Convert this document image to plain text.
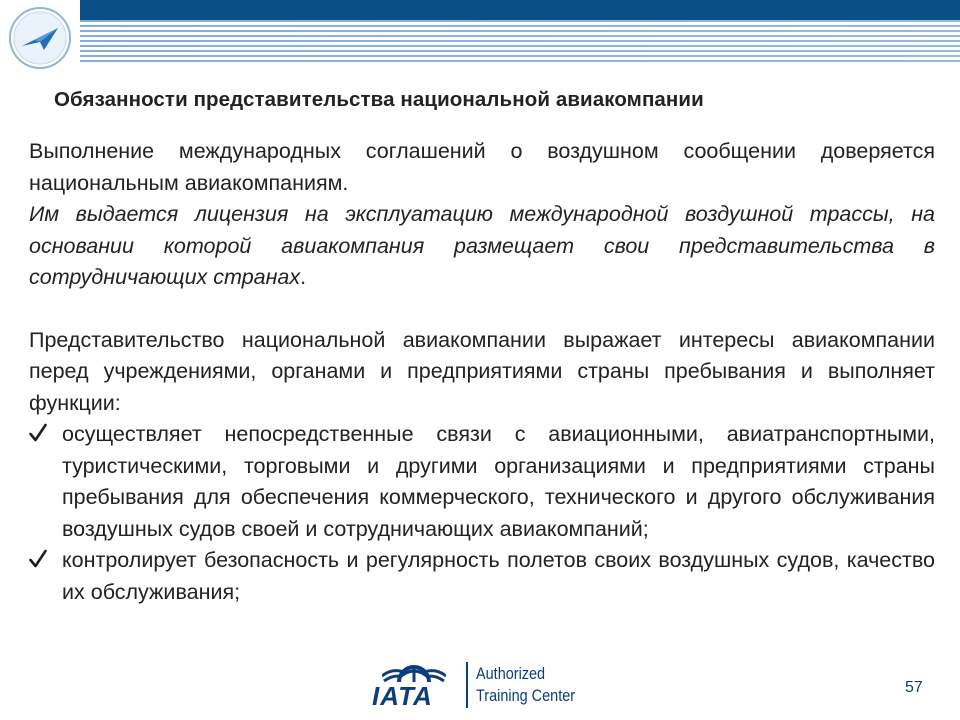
Обязанности представительства национальной авиакомпании

Выполнение международных соглашений о воздушном сообщении доверяется национальным авиакомпаниям.

Им выдается лицензия на эксплуатацию международной воздушной трассы, на основании которой авиакомпания размещает свои представительства в сотрудничающих странах.

Представительство национальной авиакомпании выражает интересы авиакомпании перед учреждениями, органами и предприятиями страны пребывания и выполняет функции:

осуществляет непосредственные связи с авиационными, авиатранспортными, туристическими, торговыми и другими организациями и предприятиями страны пребывания для обеспечения коммерческого, технического и другого обслуживания воздушных судов своей и сотрудничающих авиакомпаний;
контролирует безопасность и регулярность полетов своих воздушных судов, качество их обслуживания;
IATA
Authorized
Training Center	57
